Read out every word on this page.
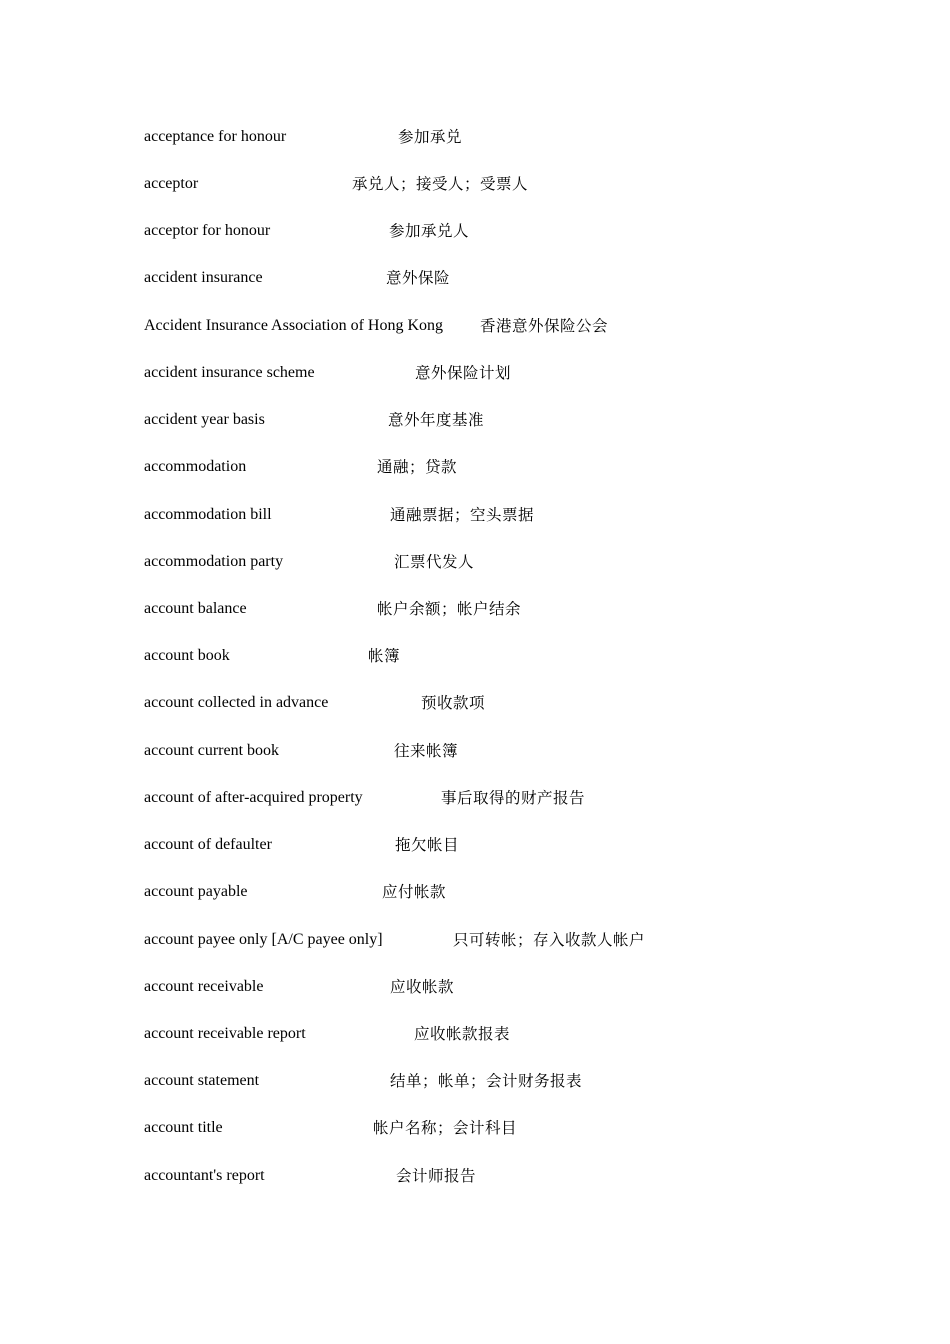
acceptance for honour	参加承兑
acceptor	承兑人；接受人；受票人
acceptor for honour	参加承兑人
accident insurance	意外保险
Accident Insurance Association of Hong Kong 香港意外保险公会
accident insurance scheme	意外保险计划
accident year basis	意外年度基准
accommodation	通融；贷款
accommodation bill	通融票据；空头票据
accommodation party	汇票代发人
account balance	帐户余额；帐户结余
account book	帐簿
account collected in advance	预收款项
account current book	往来帐簿
account of after-acquired property	事后取得的财产报告
account of defaulter	拖欠帐目
account payable	应付帐款
account payee only [A/C payee only]	只可转帐；存入收款人帐户
account receivable	应收帐款
account receivable report	应收帐款报表
account statement	结单；帐单；会计财务报表
account title	帐户名称；会计科目
accountant's report	会计师报告
